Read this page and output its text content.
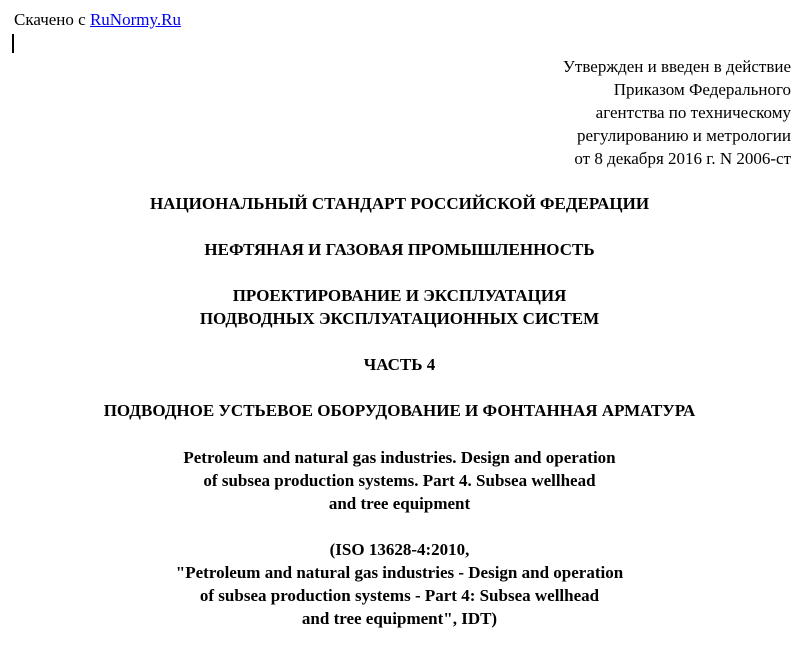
Скачено с RuNormy.Ru
Утвержден и введен в действие
Приказом Федерального
агентства по техническому
регулированию и метрологии
от 8 декабря 2016 г. N 2006-ст
НАЦИОНАЛЬНЫЙ СТАНДАРТ РОССИЙСКОЙ ФЕДЕРАЦИИ
НЕФТЯНАЯ И ГАЗОВАЯ ПРОМЫШЛЕННОСТЬ
ПРОЕКТИРОВАНИЕ И ЭКСПЛУАТАЦИЯ
ПОДВОДНЫХ ЭКСПЛУАТАЦИОННЫХ СИСТЕМ
ЧАСТЬ 4
ПОДВОДНОЕ УСТЬЕВОЕ ОБОРУДОВАНИЕ И ФОНТАННАЯ АРМАТУРА
Petroleum and natural gas industries. Design and operation
of subsea production systems. Part 4. Subsea wellhead
and tree equipment
(ISO 13628-4:2010,
"Petroleum and natural gas industries - Design and operation
of subsea production systems - Part 4: Subsea wellhead
and tree equipment", IDT)
